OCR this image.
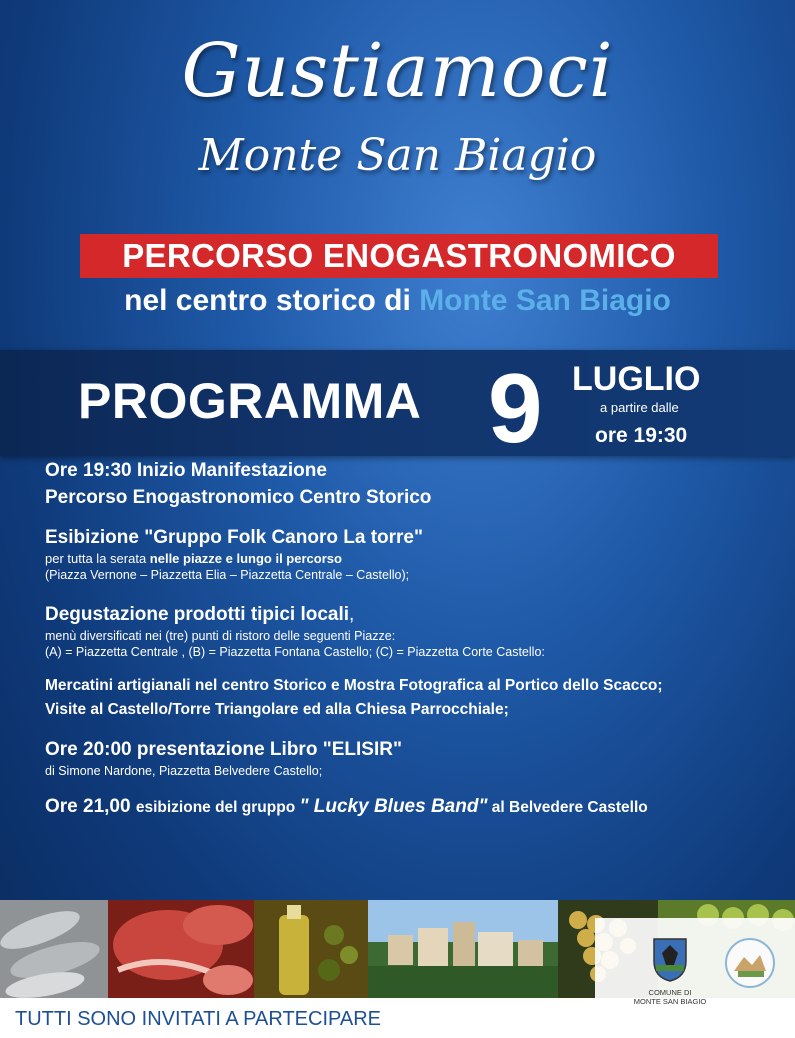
Gustiamoci
Monte San Biagio
PERCORSO ENOGASTRONOMICO
nel centro storico di Monte San Biagio
PROGRAMMA 9 LUGLIO
a partire dalle
ore 19:30
Ore 19:30 Inizio Manifestazione
Percorso Enogastronomico Centro Storico
Esibizione "Gruppo Folk Canoro La torre"
per tutta la serata nelle piazze e lungo il percorso
(Piazza Vernone – Piazzetta Elia – Piazzetta Centrale – Castello);
Degustazione prodotti tipici locali,
menù diversificati nei (tre) punti di ristoro delle seguenti Piazze:
(A) = Piazzetta Centrale , (B) = Piazzetta Fontana Castello; (C) = Piazzetta Corte Castello:
Mercatini artigianali nel centro Storico e Mostra Fotografica al Portico dello Scacco;
Visite al Castello/Torre Triangolare ed alla Chiesa Parrocchiale;
Ore 20:00 presentazione Libro "ELISIR"
di Simone Nardone, Piazzetta Belvedere Castello;
Ore 21,00 esibizione del gruppo " Lucky Blues Band" al Belvedere Castello
TUTTI SONO INVITATI A PARTECIPARE
COMUNE DI
MONTE SAN BIAGIO
